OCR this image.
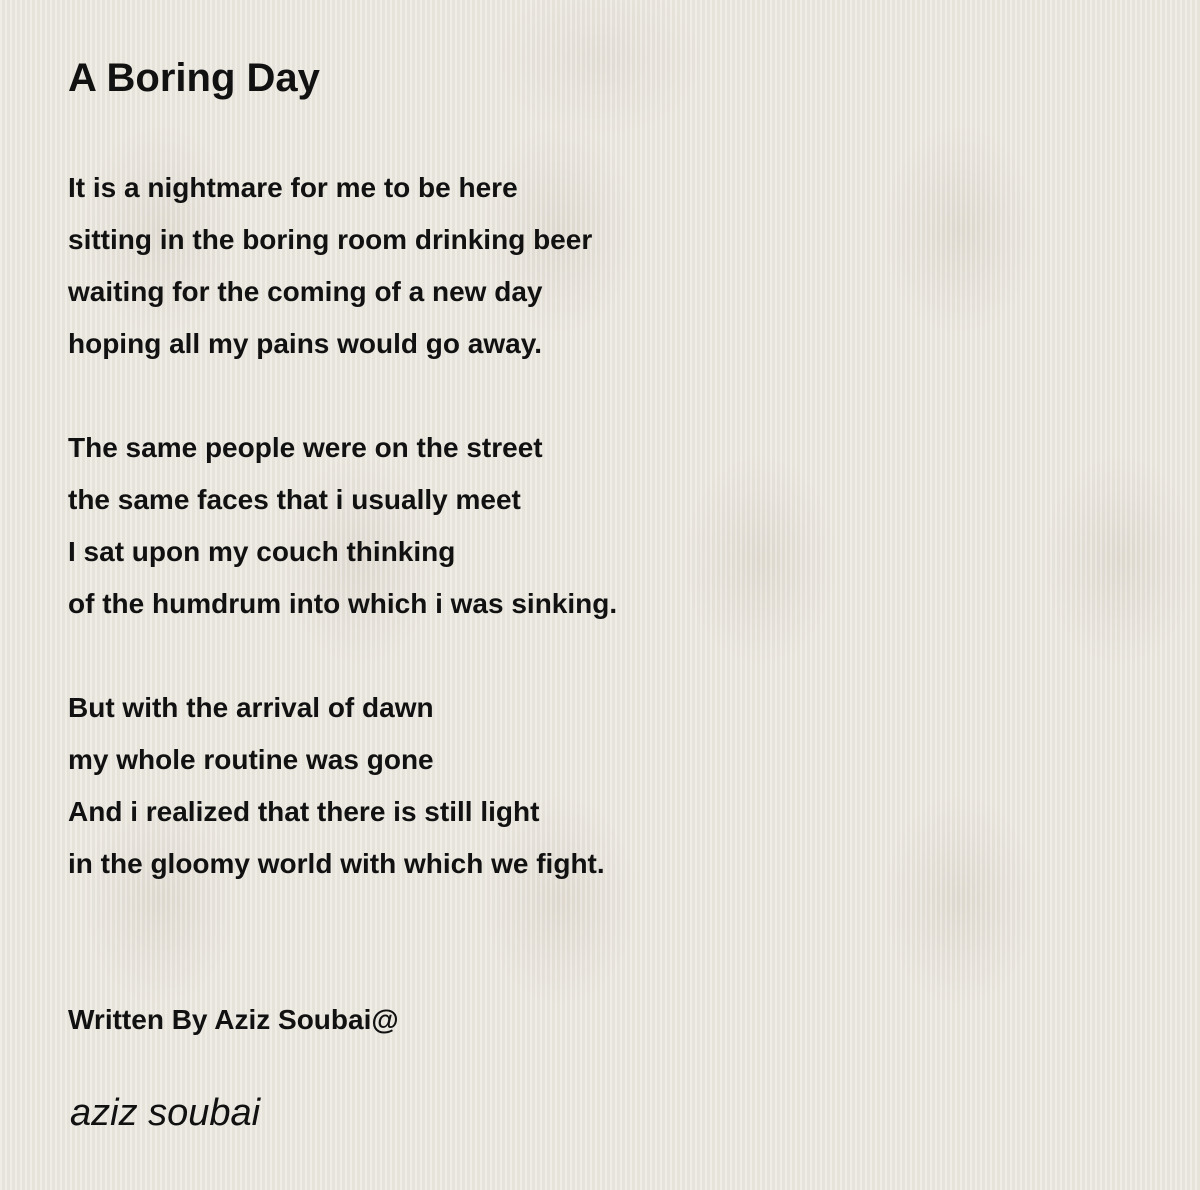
A Boring Day
It is a nightmare for me to be here
sitting in the boring room drinking beer
waiting for the coming of a new day
hoping all my pains would go away.
The same people were on the street
the same faces that i usually meet
I sat upon my couch thinking
of the humdrum into which i was sinking.
But with the arrival of dawn
my whole routine was gone
And i realized that there is still light
in the gloomy world with which we fight.
Written By Aziz Soubai@
aziz soubai
